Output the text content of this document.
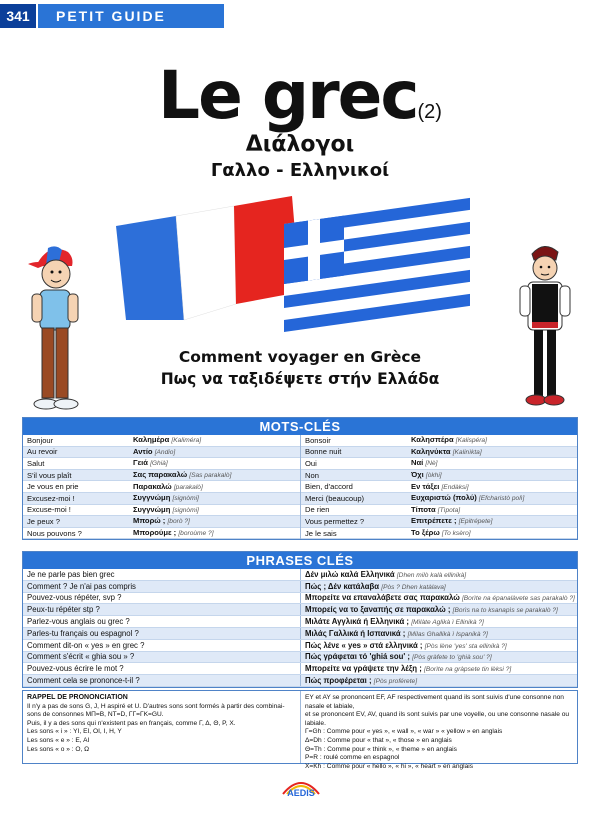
341	PETIT GUIDE
Le grec(2)
Διάλογοι
Γαλλο - Ελληνικοί
Comment voyager en Grèce
Πως να ταξιδέψετε στήν Ελλάδα
MOTS-CLÉS
Bonjour	Καλημέρα [Kaliméra]
Au revoir	Αντίο [Andio]
Salut	Γειά [Ghià]
S'il vous plaît	Σας παρακαλώ [Sas parakalò]
Je vous en prie	Παρακαλώ [parakalò]
Excusez-moi !	Συγγνώμη [signòmi]
Excuse-moi !	Συγγνώμη [signòmi]
Je peux ?	Μπορώ ; [borò ?]
Nous pouvons ?	Μπορούμε ; [boroùme ?]
Bonsoir	Καλησπέρα [Kalispéra]
Bonne nuit	Καληνύκτα [Kalinìkta]
Oui	Ναί [Nè]
Non	Όχι [òkhi]
Bien, d'accord	Εν τάξει [Endàksi]
Merci (beaucoup)	Ευχαριστώ (πολύ) [Efcharistò polì]
De rien	Τίποτα [Tìpota]
Vous permettez ?	Επιτρέπετε ; [Epitrépete]
Je le sais	Το ξέρω [To ksèro]
PHRASES CLÉS
Je ne parle pas bien grec	Δέν μιλώ καλά Ελληνικά [Dhen milò kalà ellinikà]
Comment ? Je n'ai pas compris	Πώς ; Δέν κατάλαβα [Pòs ? Dhen katàlava]
Pouvez-vous répéter, svp ?	Μπορείτε να επαναλάβετε σας παρακαλώ [Borìte na épanalàvete sas parakalò ?]
Peux-tu répéter stp ?	Μπορείς να το ξαναπής σε παρακαλώ ; [Borìs na to ksanapìs se parakalò ?]
Parlez-vous anglais ou grec ?	Μιλάτε Αγγλικά ή Ελληνικά ; [Milàte Aglikà ì Ellinikà ?]
Parles-tu français ou espagnol ?	Μιλάς Γαλλικά ή Ισπανικά ; [Milas Ghallikà ì Ispanikà ?]
Comment dit-on « yes » en grec ?	Πώς λένε « yes » στά ελληνικά ; [Pòs lène 'yes' sta ellinikà ?]
Comment s'écrit « ghia sou » ?	Πώς γράφεται τό 'ghiá sou' ; [Pòs gràfete to 'ghià sou' ?]
Pouvez-vous écrire le mot ?	Μπορείτε να γράψετε την λέξη ; [Borìte na gràpsete tin lèksi ?]
Comment cela se prononce-t-il ?	Πώς προφέρεται ; [Pòs proférete]
RAPPEL DE PRONONCIATION
Il n'y a pas de sons G, J, H aspiré et U. D'autres sons sont formés à partir des combinai-
sons de consonnes ΜΠ=B, ΝΤ=D, ΓΓ=ΓΚ=GU.
Puis, il y a des sons qui n'existent pas en français, comme Γ, Δ, Θ, Ρ, Χ.
Les sons « i » : ΥΙ, ΕΙ, ΟΙ, Ι, Η, Υ
Les sons « e » : Ε, ΑΙ
Les sons « o » : Ο, Ω
EY et AY se prononcent EF, AF respectivement quand ils sont suivis d'une consonne non nasale et labiale,
et se prononcent EV, AV, quand ils sont suivis par une voyelle, ou une consonne nasale ou labiale.
Γ=Gh : Comme pour « yes », « wall », « war » « yellow » en anglais
Δ=Dh : Comme pour « that », « those » en anglais
Θ=Th : Comme pour « think », « theme » en anglais
Ρ=R : roulé comme en espagnol
Χ=Kh : Comme pour « hello », « hi », « heart » en anglais
AEDIS
